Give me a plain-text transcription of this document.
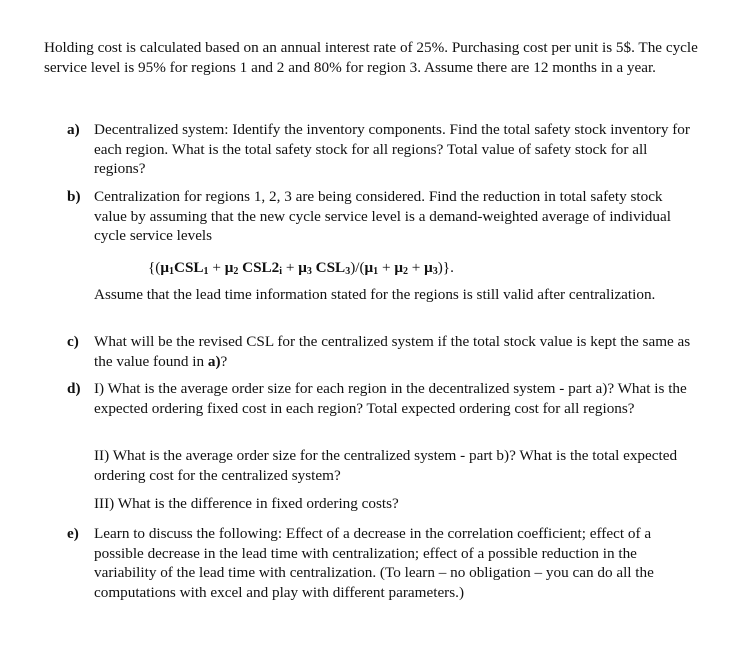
Holding cost is calculated based on an annual interest rate of 25%. Purchasing cost per unit is 5$. The cycle service level is 95% for regions 1 and 2 and 80% for region 3. Assume there are 12 months in a year.
a) Decentralized system: Identify the inventory components. Find the total safety stock inventory for each region. What is the total safety stock for all regions? Total value of safety stock for all regions?
b) Centralization for regions 1, 2, 3 are being considered. Find the reduction in total safety stock value by assuming that the new cycle service level is a demand-weighted average of individual cycle service levels
{($\mu_1CSL_1 + \mu_2$ $CSL2_i + \mu_3$ $CSL_3)/(\mu_1 + \mu_2 + \mu_3)$}.
Assume that the lead time information stated for the regions is still valid after centralization.
c) What will be the revised CSL for the centralized system if the total stock value is kept the same as the value found in a)?
d) I) What is the average order size for each region in the decentralized system - part a)? What is the expected ordering fixed cost in each region? Total expected ordering cost for all regions?
II) What is the average order size for the centralized system - part b)? What is the total expected ordering cost for the centralized system?
III) What is the difference in fixed ordering costs?
e) Learn to discuss the following: Effect of a decrease in the correlation coefficient; effect of a possible decrease in the lead time with centralization; effect of a possible reduction in the variability of the lead time with centralization. (To learn – no obligation – you can do all the computations with excel and play with different parameters.)
